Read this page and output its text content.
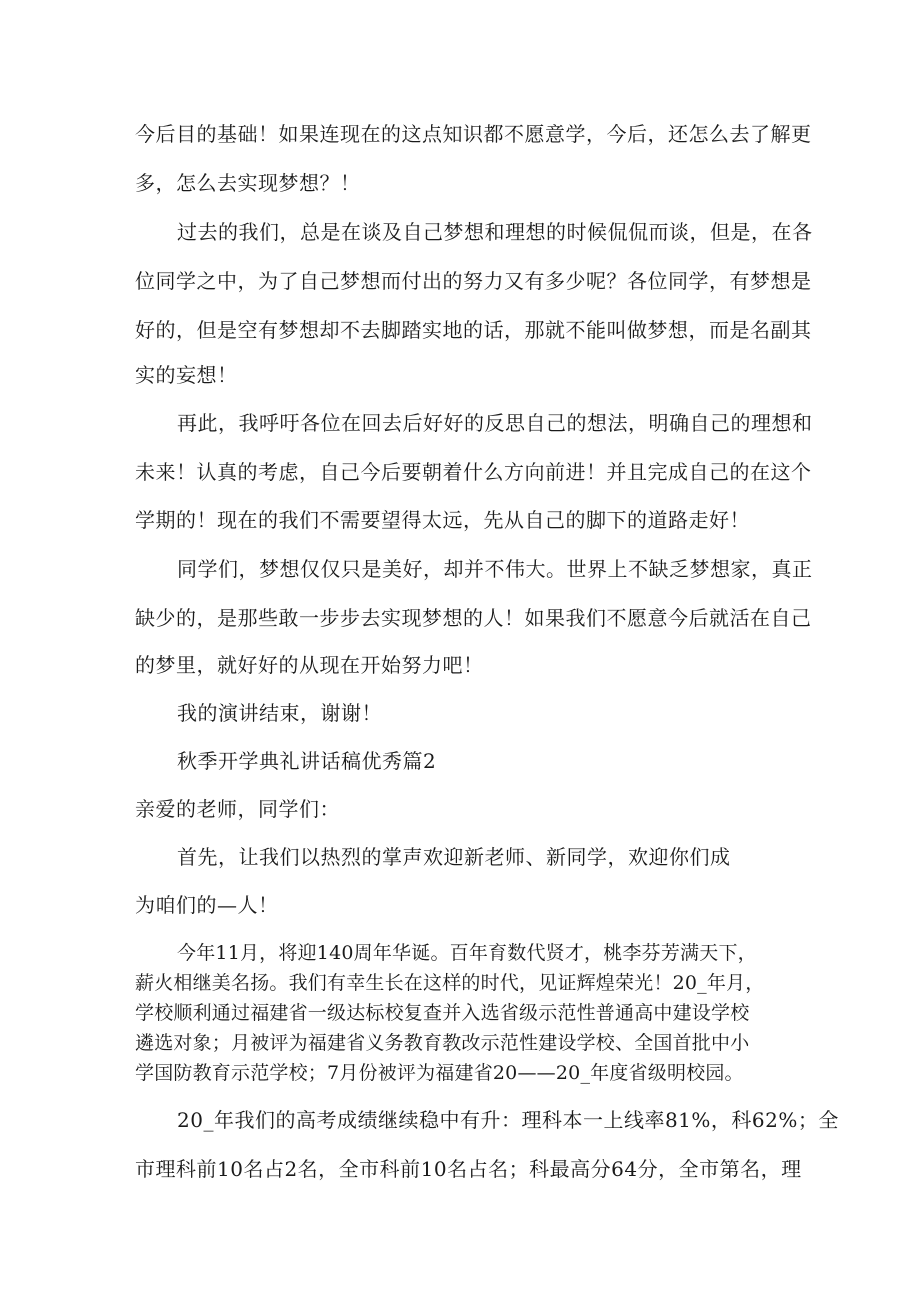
今后目的基础！如果连现在的这点知识都不愿意学，今后，还怎么去了解更
多，怎么去实现梦想？！
过去的我们，总是在谈及自己梦想和理想的时候侃侃而谈，但是，在各
位同学之中，为了自己梦想而付出的努力又有多少呢？各位同学，有梦想是
好的，但是空有梦想却不去脚踏实地的话，那就不能叫做梦想，而是名副其
实的妄想！
再此，我呼吁各位在回去后好好的反思自己的想法，明确自己的理想和
未来！认真的考虑，自己今后要朝着什么方向前进！并且完成自己的在这个
学期的！现在的我们不需要望得太远，先从自己的脚下的道路走好！
同学们，梦想仅仅只是美好，却并不伟大。世界上不缺乏梦想家，真正
缺少的，是那些敢一步步去实现梦想的人！如果我们不愿意今后就活在自己
的梦里，就好好的从现在开始努力吧！
我的演讲结束，谢谢！
秋季开学典礼讲话稿优秀篇2
亲爱的老师，同学们：
首先，让我们以热烈的掌声欢迎新老师、新同学，欢迎你们成
为咱们的—人！
今年11月，将迎140周年华诞。百年育数代贤才，桃李芬芳满天下，
薪火相继美名扬。我们有幸生长在这样的时代，见证辉煌荣光！20_年月，
学校顺利通过福建省一级达标校复查并入选省级示范性普通高中建设学校
遴选对象；月被评为福建省义务教育教改示范性建设学校、全国首批中小
学国防教育示范学校；7月份被评为福建省20——20_年度省级明校园。
20_年我们的高考成绩继续稳中有升：理科本一上线率81%，科62%；全
市理科前10名占2名，全市科前10名占名；科最高分64分，全市第名，理
